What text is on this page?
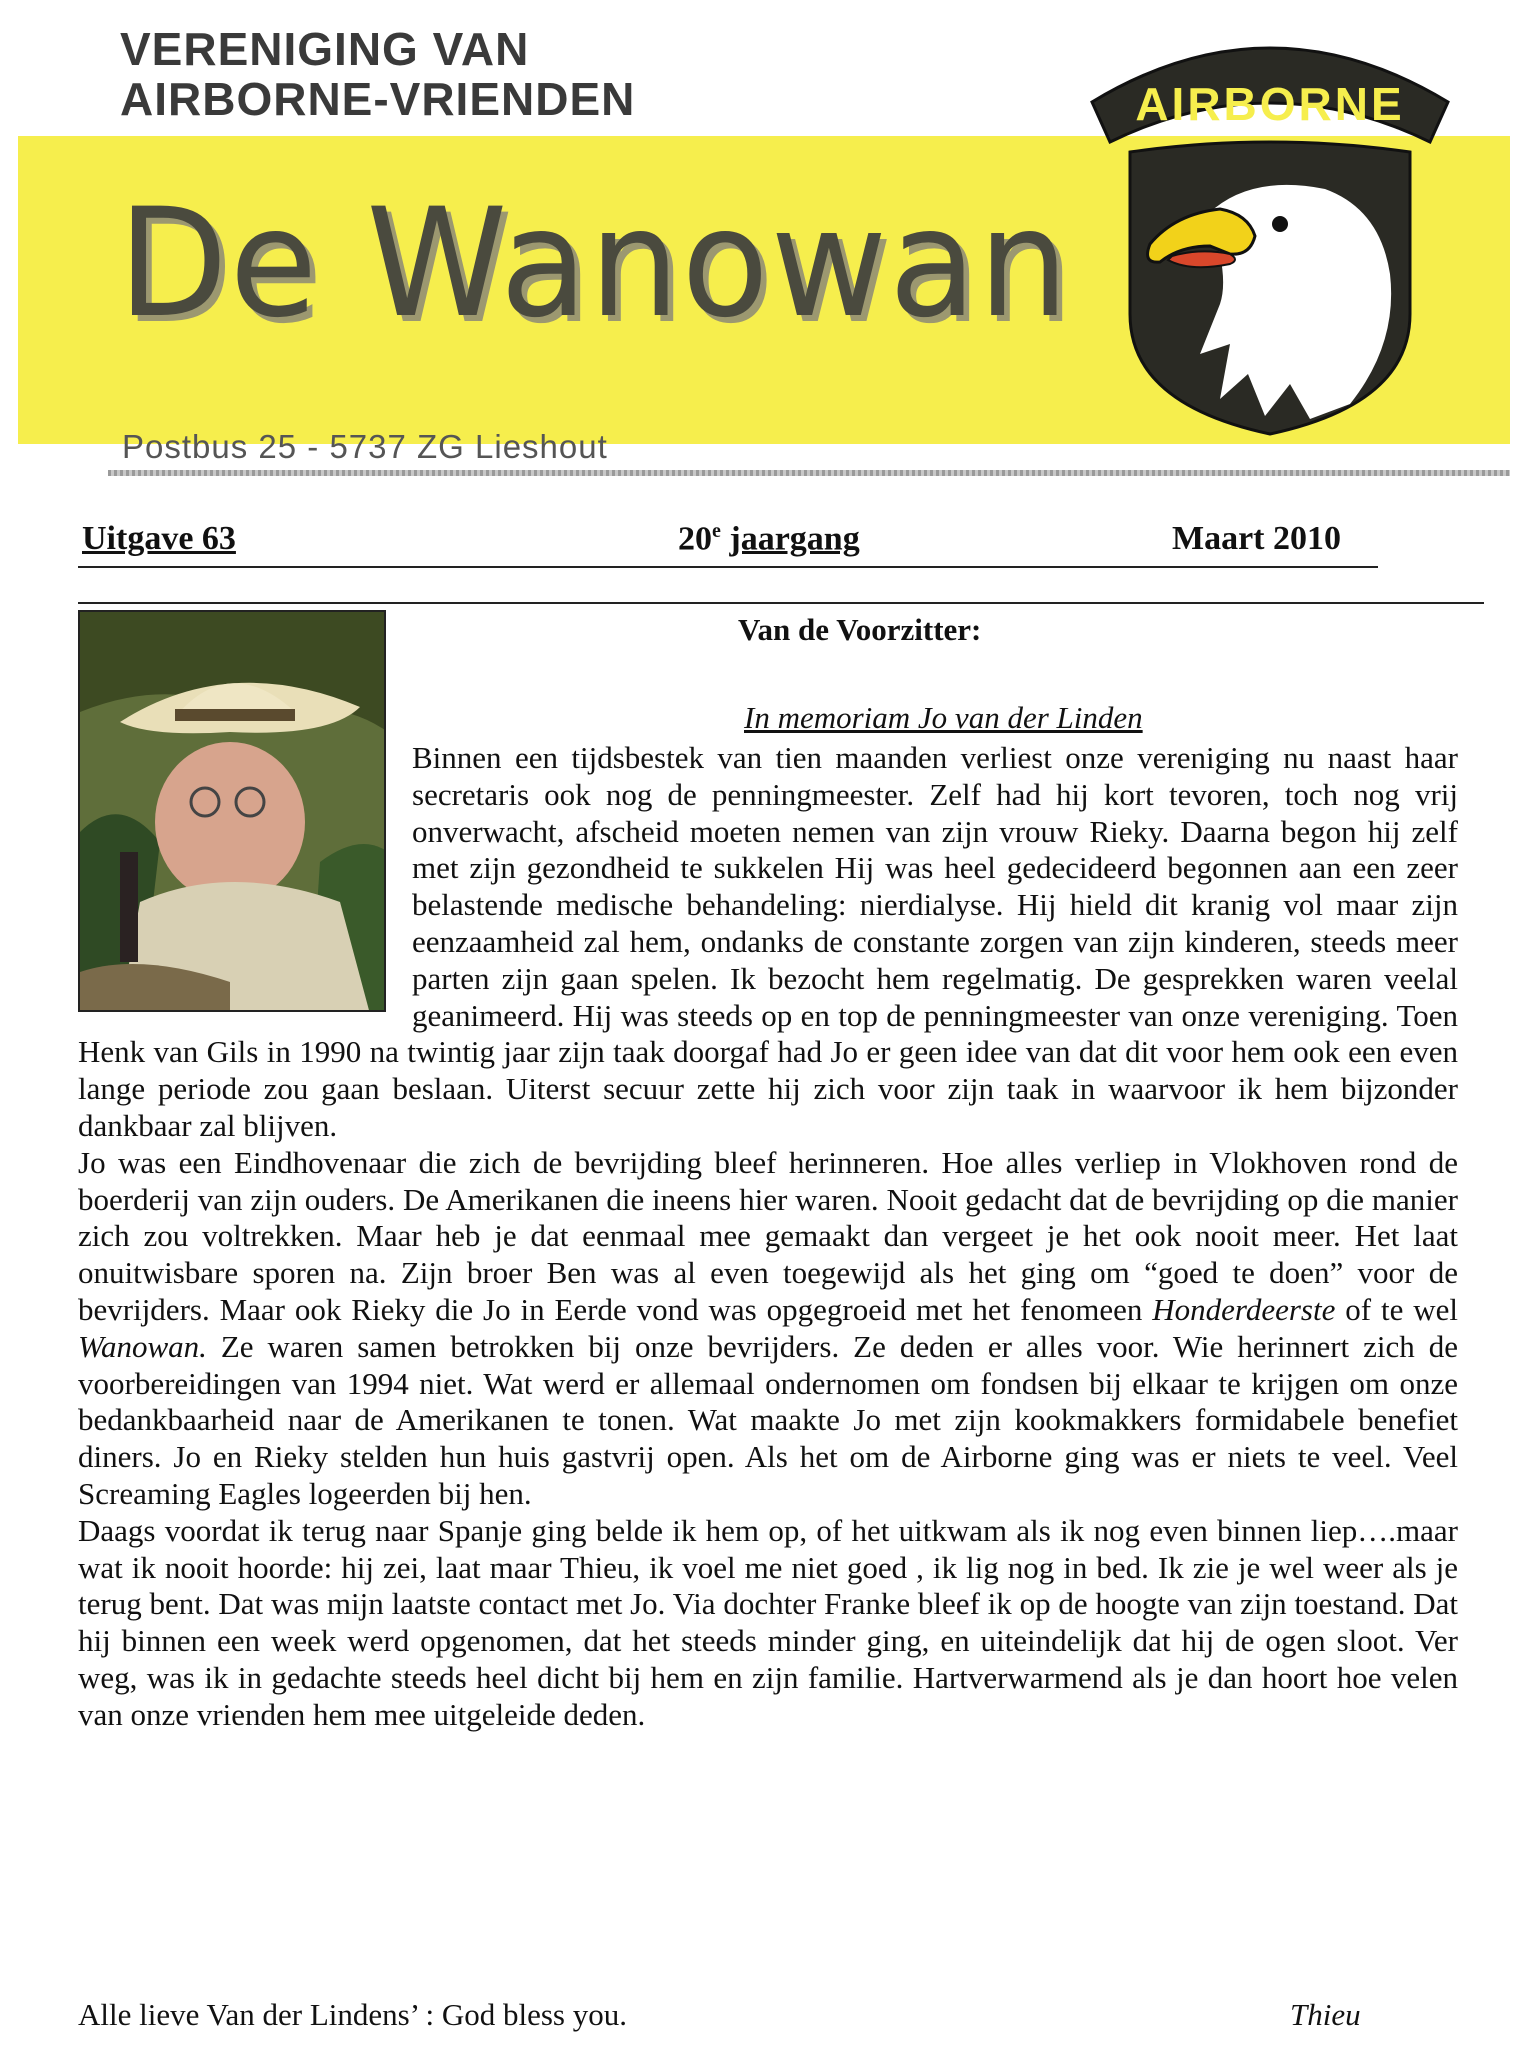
VERENIGING VAN
AIRBORNE-VRIENDEN
De Wanowan
AIRBORNE
Postbus 25 - 5737 ZG Lieshout
Uitgave 63	20e jaargang	Maart 2010
Van de Voorzitter:
In memoriam Jo van der Linden

Binnen een tijdsbestek van tien maanden verliest onze vereniging nu naast haar secretaris ook nog de penningmeester. Zelf had hij kort tevoren, toch nog vrij onverwacht, afscheid moeten nemen van zijn vrouw Rieky. Daarna begon hij zelf met zijn gezondheid te sukkelen Hij was heel gedecideerd begonnen aan een zeer belastende medische behandeling: nierdialyse. Hij hield dit kranig vol maar zijn eenzaamheid zal hem, ondanks de constante zorgen van zijn kinderen, steeds meer parten zijn gaan spelen. Ik bezocht hem regelmatig. De gesprekken waren veelal geanimeerd. Hij was steeds op en top de penningmeester van onze vereniging. Toen Henk van Gils in 1990 na twintig jaar zijn taak doorgaf had Jo er geen idee van dat dit voor hem ook een even lange periode zou gaan beslaan. Uiterst secuur zette hij zich voor zijn taak in waarvoor ik hem bijzonder dankbaar zal blijven.

Jo was een Eindhovenaar die zich de bevrijding bleef herinneren. Hoe alles verliep in Vlokhoven rond de boerderij van zijn ouders. De Amerikanen die ineens hier waren. Nooit gedacht dat de bevrijding op die manier zich zou voltrekken. Maar heb je dat eenmaal mee gemaakt dan vergeet je het ook nooit meer. Het laat onuitwisbare sporen na. Zijn broer Ben was al even toegewijd als het ging om “goed te doen” voor de bevrijders. Maar ook Rieky die Jo in Eerde vond was opgegroeid met het fenomeen Honderdeerste of te wel Wanowan. Ze waren samen betrokken bij onze bevrijders. Ze deden er alles voor. Wie herinnert zich de voorbereidingen van 1994 niet. Wat werd er allemaal ondernomen om fondsen bij elkaar te krijgen om onze bedankbaarheid naar de Amerikanen te tonen. Wat maakte Jo met zijn kookmakkers formidabele benefiet diners. Jo en Rieky stelden hun huis gastvrij open. Als het om de Airborne ging was er niets te veel. Veel Screaming Eagles logeerden bij hen.

Daags voordat ik terug naar Spanje ging belde ik hem op, of het uitkwam als ik nog even binnen liep….maar wat ik nooit hoorde: hij zei, laat maar Thieu, ik voel me niet goed , ik lig nog in bed. Ik zie je wel weer als je terug bent. Dat was mijn laatste contact met Jo. Via dochter Franke bleef ik op de hoogte van zijn toestand. Dat hij binnen een week werd opgenomen, dat het steeds minder ging, en uiteindelijk dat hij de ogen sloot. Ver weg, was ik in gedachte steeds heel dicht bij hem en zijn familie. Hartverwarmend als je dan hoort hoe velen van onze vrienden hem mee uitgeleide deden.

Alle lieve Van der Lindens’ : God bless you.	Thieu
